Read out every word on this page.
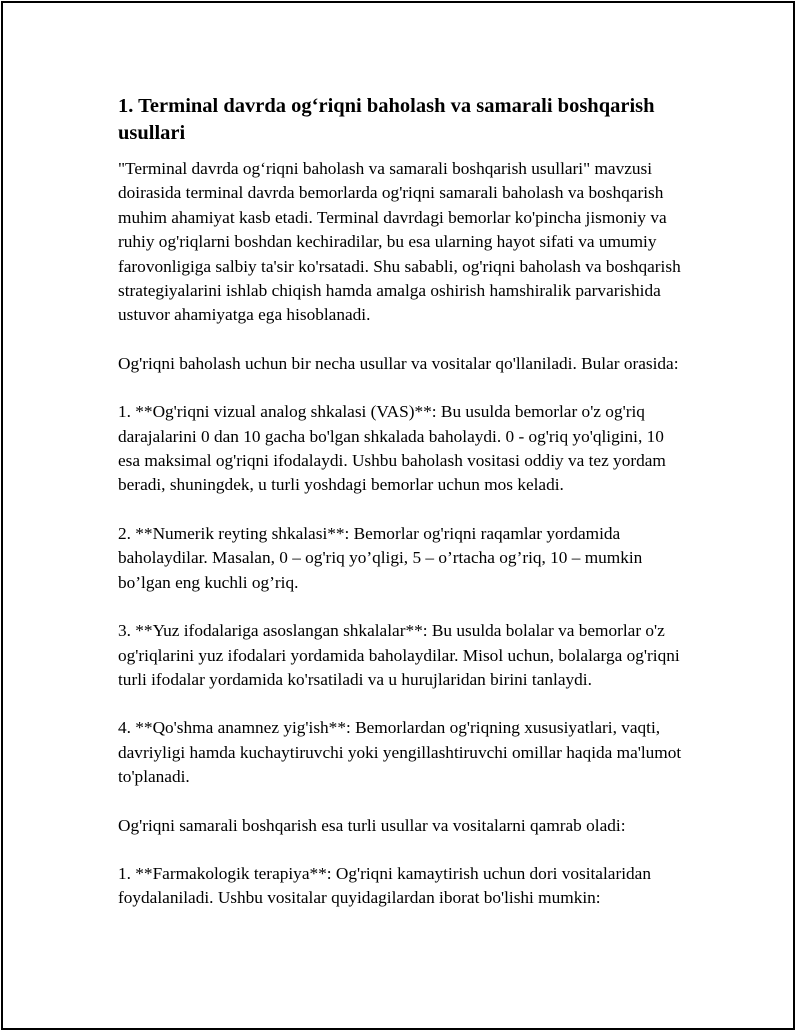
1. Terminal davrda og‘riqni baholash va samarali boshqarish usullari

"Terminal davrda og‘riqni baholash va samarali boshqarish usullari" mavzusi doirasida terminal davrda bemorlarda og'riqni samarali baholash va boshqarish muhim ahamiyat kasb etadi. Terminal davrdagi bemorlar ko'pincha jismoniy va ruhiy og'riqlarni boshdan kechiradilar, bu esa ularning hayot sifati va umumiy farovonligiga salbiy ta'sir ko'rsatadi. Shu sababli, og'riqni baholash va boshqarish strategiyalarini ishlab chiqish hamda amalga oshirish hamshiralik parvarishida ustuvor ahamiyatga ega hisoblanadi.

Og'riqni baholash uchun bir necha usullar va vositalar qo'llaniladi. Bular orasida:

1. **Og'riqni vizual analog shkalasi (VAS)**: Bu usulda bemorlar o'z og'riq darajalarini 0 dan 10 gacha bo'lgan shkalada baholaydi. 0 - og'riq yo'qligini, 10 esa maksimal og'riqni ifodalaydi. Ushbu baholash vositasi oddiy va tez yordam beradi, shuningdek, u turli yoshdagi bemorlar uchun mos keladi.

2. **Numerik reyting shkalasi**: Bemorlar og'riqni raqamlar yordamida baholaydilar. Masalan, 0 – og'riq yo’qligi, 5 – o’rtacha og’riq, 10 – mumkin bo’lgan eng kuchli og’riq.

3. **Yuz ifodalariga asoslangan shkalalar**: Bu usulda bolalar va bemorlar o'z og'riqlarini yuz ifodalari yordamida baholaydilar. Misol uchun, bolalarga og'riqni turli ifodalar yordamida ko'rsatiladi va u hurujlaridan birini tanlaydi.

4. **Qo'shma anamnez yig'ish**: Bemorlardan og'riqning xususiyatlari, vaqti, davriyligi hamda kuchaytiruvchi yoki yengillashtiruvchi omillar haqida ma'lumot to'planadi.

Og'riqni samarali boshqarish esa turli usullar va vositalarni qamrab oladi:

1. **Farmakologik terapiya**: Og'riqni kamaytirish uchun dori vositalaridan foydalaniladi. Ushbu vositalar quyidagilardan iborat bo'lishi mumkin:
